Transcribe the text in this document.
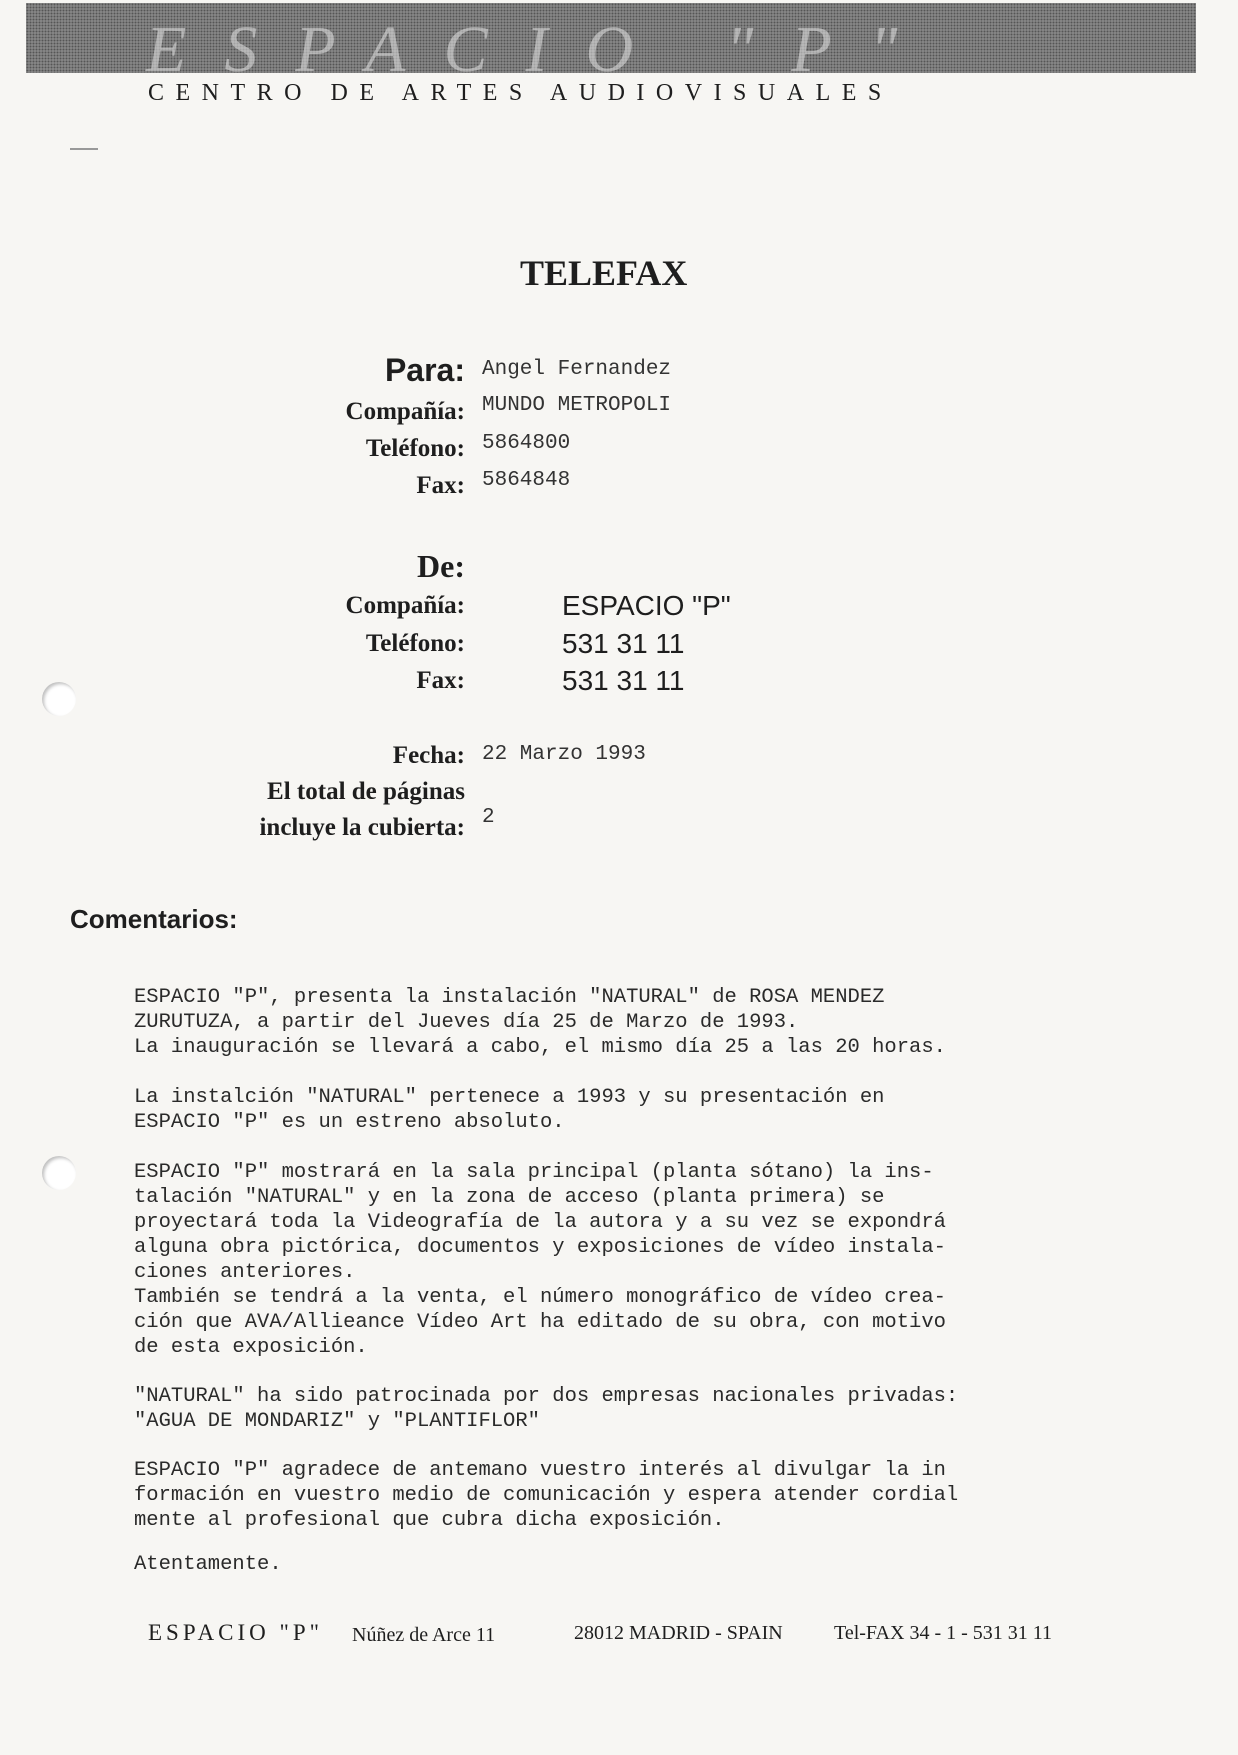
ESPACIO "P"
CENTRO DE ARTES AUDIOVISUALES
TELEFAX
Para: Angel Fernandez
Compañía: MUNDO METROPOLI
Teléfono: 5864800
Fax: 5864848
De:
Compañía:	ESPACIO "P"
Teléfono:	531 31 11
Fax:	531 31 11
Fecha: 22 Marzo 1993
El total de páginas
incluye la cubierta: 2
Comentarios:
ESPACIO "P", presenta la instalación "NATURAL" de ROSA MENDEZ
ZURUTUZA, a partir del Jueves día 25 de Marzo de 1993.
La inauguración se llevará a cabo, el mismo día 25 a las 20 horas.
La instalción "NATURAL" pertenece a 1993 y su presentación en
ESPACIO "P" es un estreno absoluto.
ESPACIO "P" mostrará en la sala principal (planta sótano) la ins-
talación "NATURAL" y en la zona de acceso (planta primera) se
proyectará toda la Videografía de la autora y a su vez se expondrá
alguna obra pictórica, documentos y exposiciones de vídeo instala-
ciones anteriores.
También se tendrá a la venta, el número monográfico de vídeo crea-
ción que AVA/Allieance Vídeo Art ha editado de su obra, con motivo
de esta exposición.
"NATURAL" ha sido patrocinada por dos empresas nacionales privadas:
"AGUA DE MONDARIZ" y "PLANTIFLOR"
ESPACIO "P" agradece de antemano vuestro interés al divulgar la in
formación en vuestro medio de comunicación y espera atender cordial
mente al profesional que cubra dicha exposición.
Atentamente.
ESPACIO "P" Núñez de Arce 11	28012 MADRID - SPAIN	Tel-FAX 34 - 1 - 531 31 11
